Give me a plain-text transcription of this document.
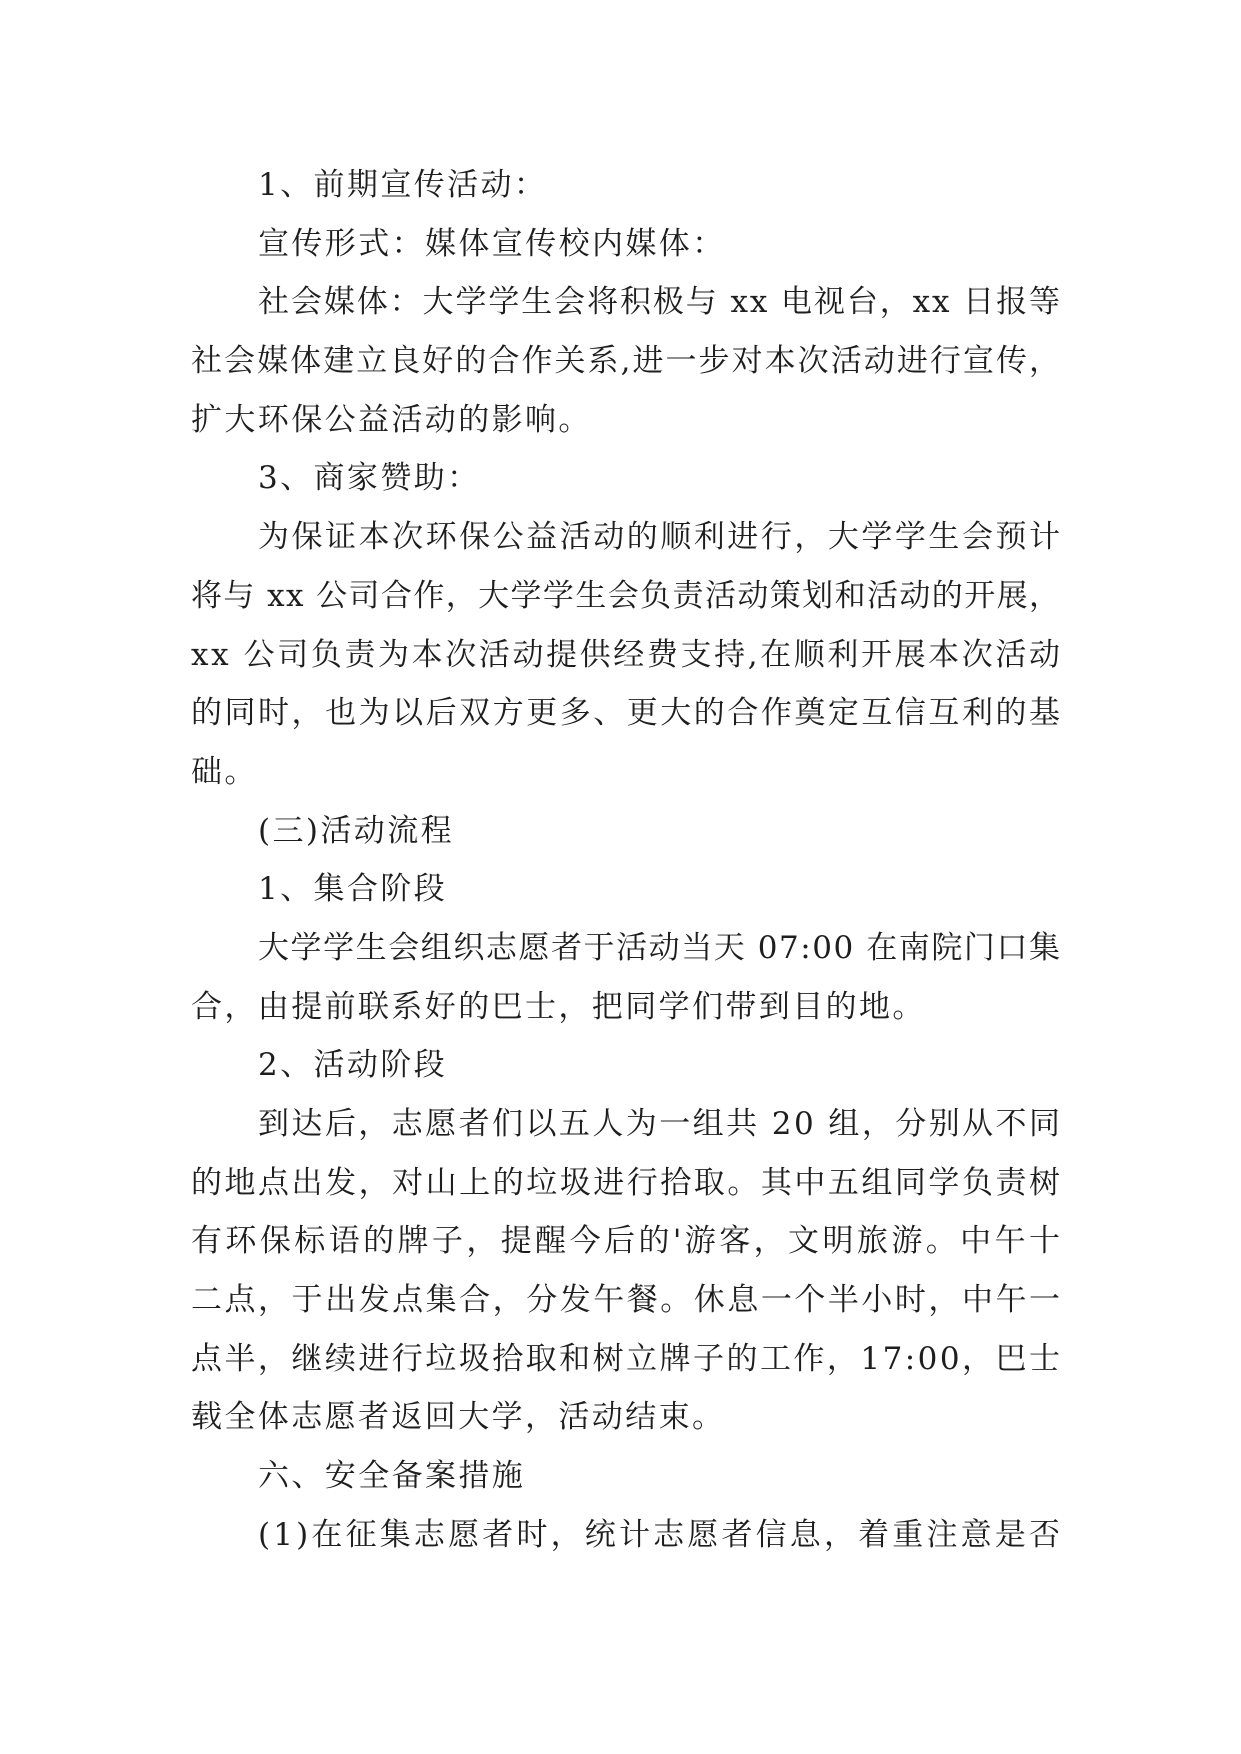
1、前期宣传活动：
宣传形式：媒体宣传校内媒体：
社会媒体：大学学生会将积极与 xx 电视台，xx 日报等
社会媒体建立良好的合作关系,进一步对本次活动进行宣传，
扩大环保公益活动的影响。
3、商家赞助：
为保证本次环保公益活动的顺利进行，大学学生会预计
将与 xx 公司合作，大学学生会负责活动策划和活动的开展，
xx 公司负责为本次活动提供经费支持,在顺利开展本次活动
的同时，也为以后双方更多、更大的合作奠定互信互利的基
础。
(三)活动流程
1、集合阶段
大学学生会组织志愿者于活动当天 07:00 在南院门口集
合，由提前联系好的巴士，把同学们带到目的地。
2、活动阶段
到达后，志愿者们以五人为一组共 20 组，分别从不同
的地点出发，对山上的垃圾进行拾取。其中五组同学负责树
有环保标语的牌子，提醒今后的'游客，文明旅游。中午十
二点，于出发点集合，分发午餐。休息一个半小时，中午一
点半，继续进行垃圾拾取和树立牌子的工作，17:00，巴士
载全体志愿者返回大学，活动结束。
六、安全备案措施
(1)在征集志愿者时，统计志愿者信息，着重注意是否
